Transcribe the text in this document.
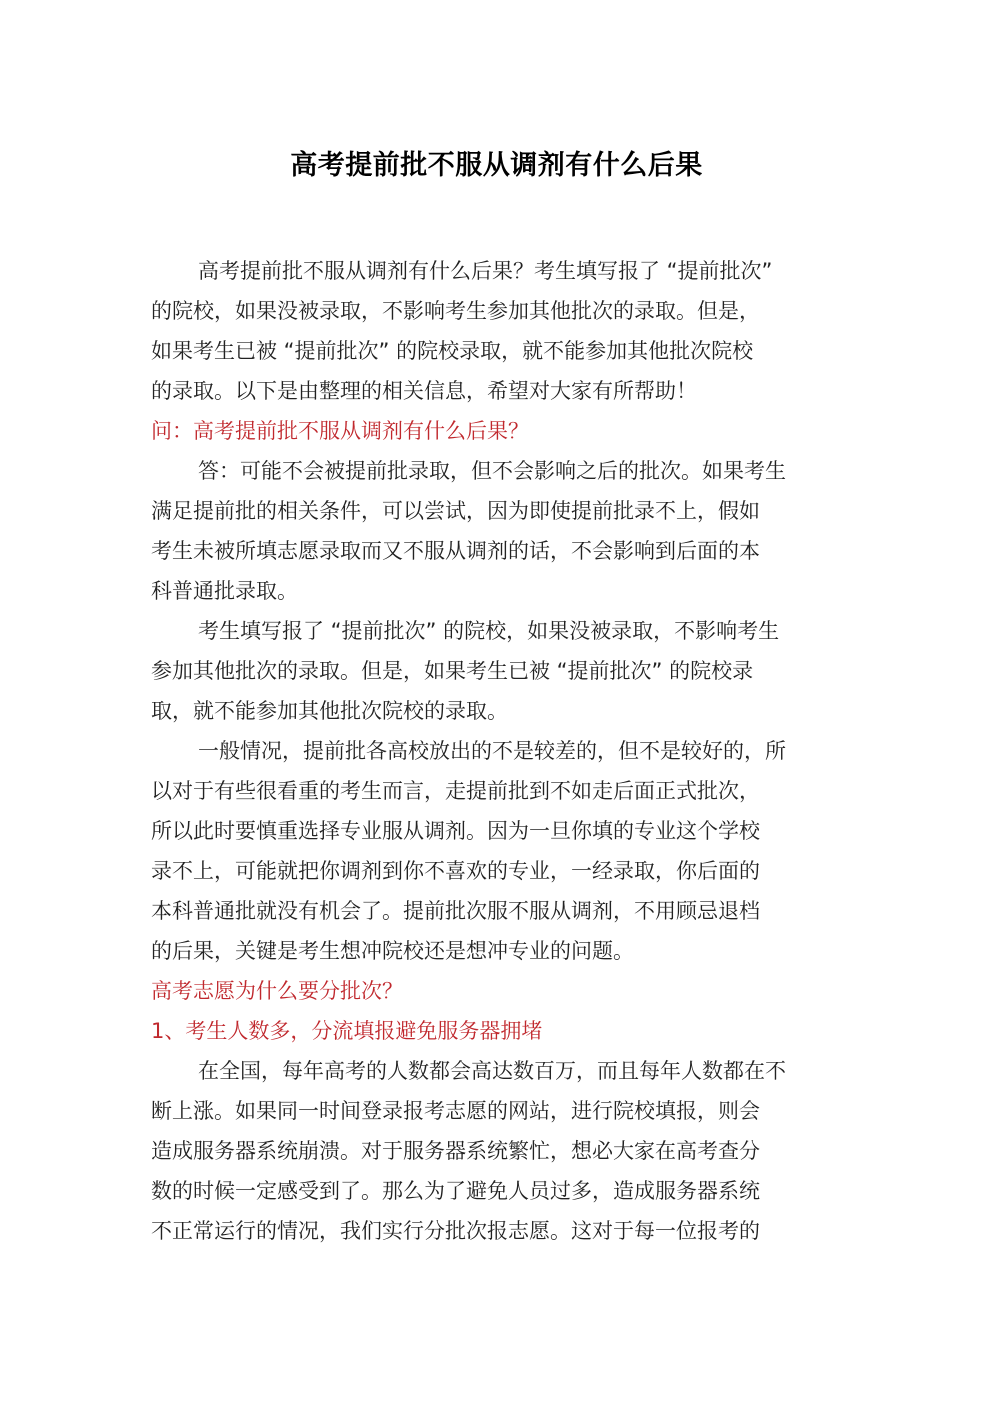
高考提前批不服从调剂有什么后果
高考提前批不服从调剂有什么后果？考生填写报了 “提前批次”
的院校，如果没被录取，不影响考生参加其他批次的录取。但是，
如果考生已被 “提前批次” 的院校录取，就不能参加其他批次院校
的录取。以下是由整理的相关信息，希望对大家有所帮助！
问：高考提前批不服从调剂有什么后果？
答：可能不会被提前批录取，但不会影响之后的批次。如果考生
满足提前批的相关条件，可以尝试，因为即使提前批录不上，假如
考生未被所填志愿录取而又不服从调剂的话，不会影响到后面的本
科普通批录取。
考生填写报了 “提前批次” 的院校，如果没被录取，不影响考生
参加其他批次的录取。但是，如果考生已被 “提前批次” 的院校录
取，就不能参加其他批次院校的录取。
一般情况，提前批各高校放出的不是较差的，但不是较好的，所
以对于有些很看重的考生而言，走提前批到不如走后面正式批次，
所以此时要慎重选择专业服从调剂。因为一旦你填的专业这个学校
录不上，可能就把你调剂到你不喜欢的专业，一经录取，你后面的
本科普通批就没有机会了。提前批次服不服从调剂，不用顾忌退档
的后果，关键是考生想冲院校还是想冲专业的问题。
高考志愿为什么要分批次？
1、考生人数多，分流填报避免服务器拥堵
在全国，每年高考的人数都会高达数百万，而且每年人数都在不
断上涨。如果同一时间登录报考志愿的网站，进行院校填报，则会
造成服务器系统崩溃。对于服务器系统繁忙，想必大家在高考查分
数的时候一定感受到了。那么为了避免人员过多，造成服务器系统
不正常运行的情况，我们实行分批次报志愿。这对于每一位报考的
